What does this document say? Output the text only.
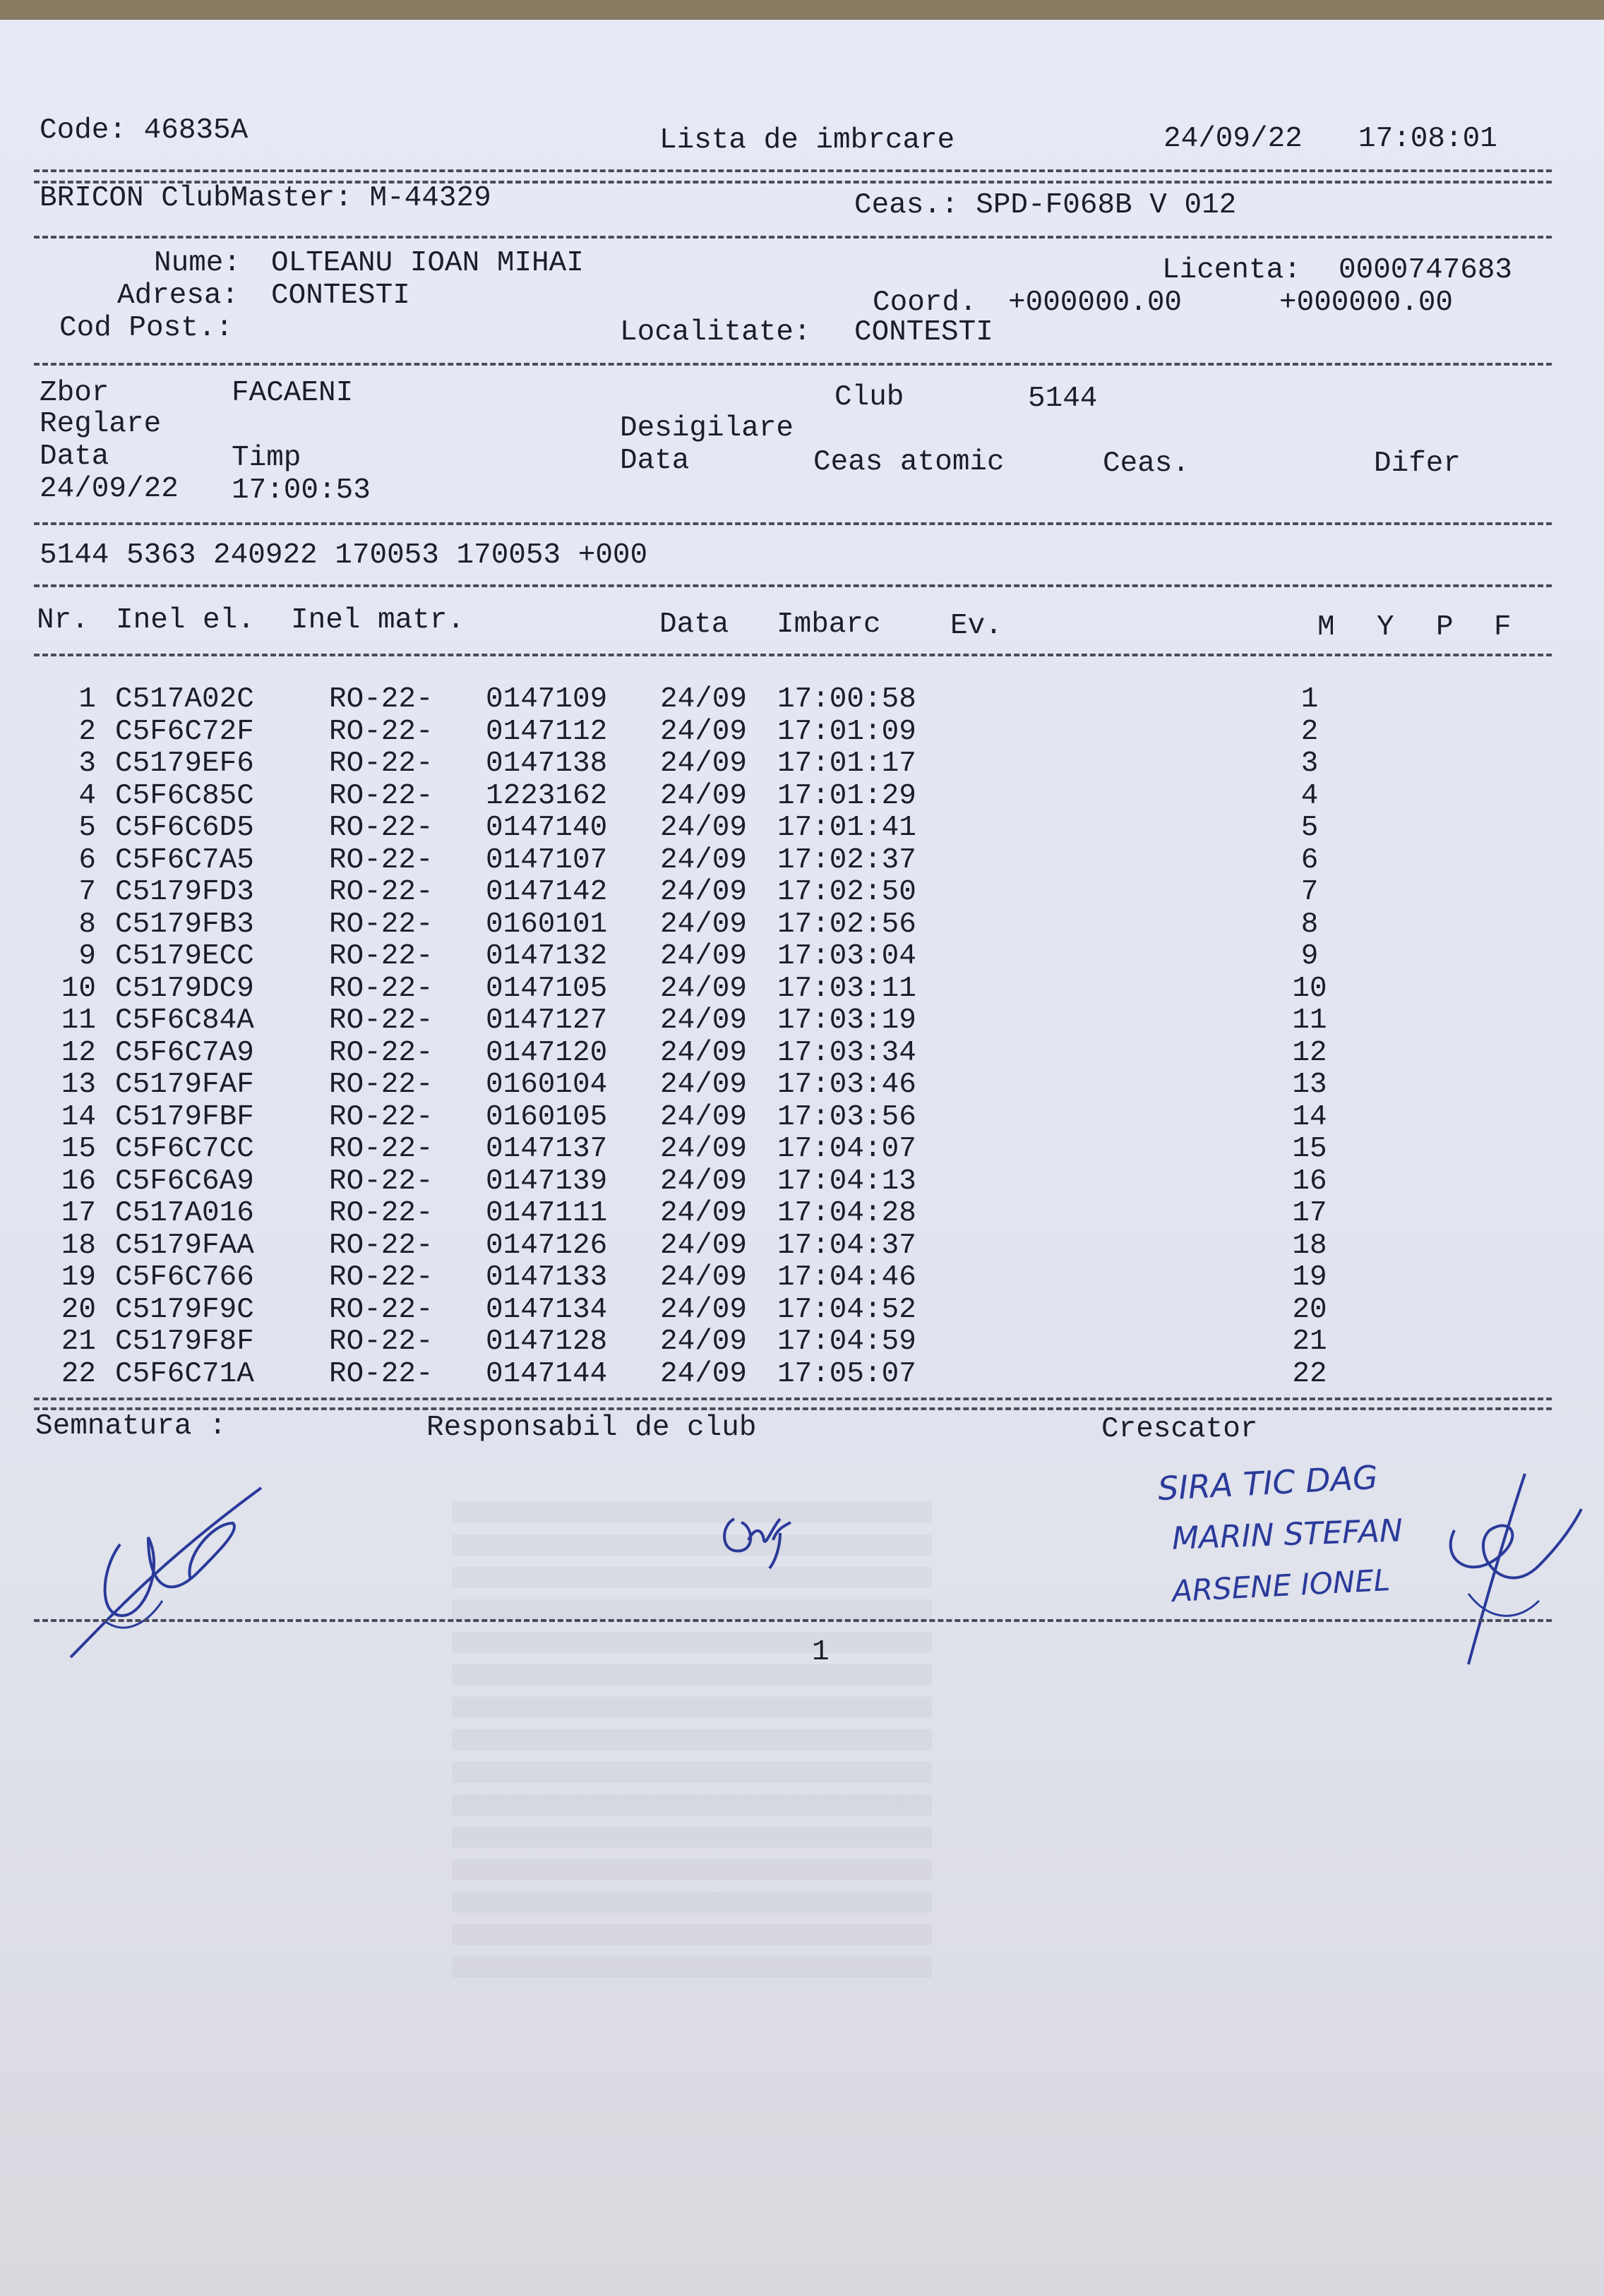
Code: 46835A	Lista de imbrcare	24/09/22 17:08:01
BRICON ClubMaster: M-44329	Ceas.: SPD-F068B V 012
Nume: OLTEANU IOAN MIHAI	Licenta: 0000747683
Adresa: CONTESTI	Coord. +000000.00	+000000.00
Cod Post.:	Localitate: CONTESTI
Zbor	FACAENI	Club	5144
Reglare	Desigilare
Data	Timp	Data	Ceas atomic	Ceas.	Difer
24/09/22 17:00:53
5144 5363 240922 170053 170053 +000
Nr. Inel el. Inel matr.	Data Imbarc Ev.	M Y P F
1 C517A02C	RO-22- 0147109 24/09 17:00:58	1
2 C5F6C72F	RO-22- 0147112 24/09 17:01:09	2
3 C5179EF6	RO-22- 0147138 24/09 17:01:17	3
4 C5F6C85C	RO-22- 1223162 24/09 17:01:29	4
5 C5F6C6D5	RO-22- 0147140 24/09 17:01:41	5
6 C5F6C7A5	RO-22- 0147107 24/09 17:02:37	6
7 C5179FD3	RO-22- 0147142 24/09 17:02:50	7
8 C5179FB3	RO-22- 0160101 24/09 17:02:56	8
9 C5179ECC	RO-22- 0147132 24/09 17:03:04	9
10 C5179DC9	RO-22- 0147105 24/09 17:03:11	10
11 C5F6C84A	RO-22- 0147127 24/09 17:03:19	11
12 C5F6C7A9	RO-22- 0147120 24/09 17:03:34	12
13 C5179FAF	RO-22- 0160104 24/09 17:03:46	13
14 C5179FBF	RO-22- 0160105 24/09 17:03:56	14
15 C5F6C7CC	RO-22- 0147137 24/09 17:04:07	15
16 C5F6C6A9	RO-22- 0147139 24/09 17:04:13	16
17 C517A016	RO-22- 0147111 24/09 17:04:28	17
18 C5179FAA	RO-22- 0147126 24/09 17:04:37	18
19 C5F6C766	RO-22- 0147133 24/09 17:04:46	19
20 C5179F9C	RO-22- 0147134 24/09 17:04:52	20
21 C5179F8F	RO-22- 0147128 24/09 17:04:59	21
22 C5F6C71A	RO-22- 0147144 24/09 17:05:07	22
Semnatura :	Responsabil de club	Crescator
SIRA TIC DAG
MARIN STEFAN
ARSENE IONEL
1
